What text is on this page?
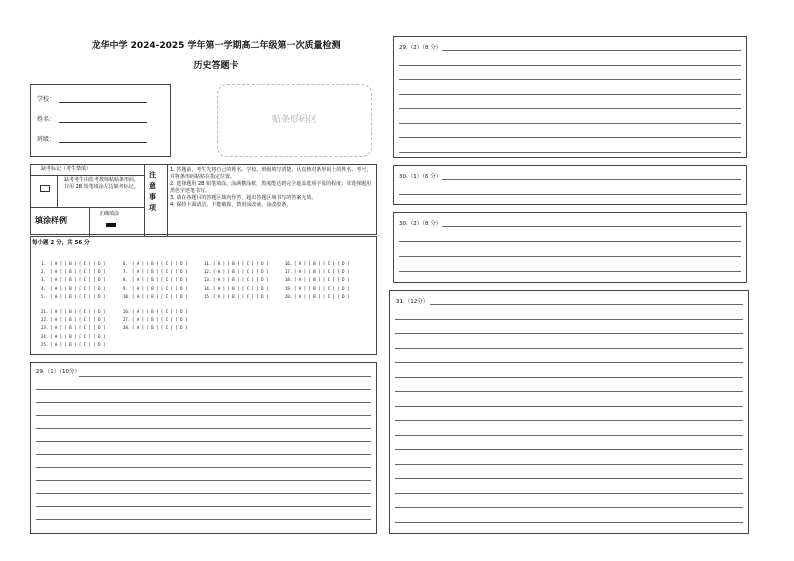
龙华中学 2024-2025 学年第一学期高二年级第一次质量检测
历史答题卡
学校：
姓名：
班级：
贴条形码区
缺考标记（考生禁填）
缺考考生由监考教师粘贴条形码，并用 2B 铅笔填涂左边缺考标记。
填涂样例
正确填涂
注意事项
1. 答题前，考生先将自己的姓名、学校、班级填写清楚，认真核对条形码上的姓名、考号，并将条形码粘贴在指定位置。
2. 选择题用 2B 铅笔填涂，涂满横涂框，黑度能达到完全遮盖选项字母的程度；非选择题用黑色字迹笔书写。
3. 请在各题目的答题区域内作答，超出答题区域书写的答案无效。
4. 保持卡面清洁，不能破损，禁用涂改液、涂改胶条。
每小题 2 分，共 56 分
1. [ A ] [ B ] [ C ] [ D ]
2. [ A ] [ B ] [ C ] [ D ]
3. [ A ] [ B ] [ C ] [ D ]
4. [ A ] [ B ] [ C ] [ D ]
5. [ A ] [ B ] [ C ] [ D ]
6. [ A ] [ B ] [ C ] [ D ]
7. [ A ] [ B ] [ C ] [ D ]
8. [ A ] [ B ] [ C ] [ D ]
9. [ A ] [ B ] [ C ] [ D ]
10. [ A ] [ B ] [ C ] [ D ]
11. [ A ] [ B ] [ C ] [ D ]
12. [ A ] [ B ] [ C ] [ D ]
13. [ A ] [ B ] [ C ] [ D ]
14. [ A ] [ B ] [ C ] [ D ]
15. [ A ] [ B ] [ C ] [ D ]
16. [ A ] [ B ] [ C ] [ D ]
17. [ A ] [ B ] [ C ] [ D ]
18. [ A ] [ B ] [ C ] [ D ]
19. [ A ] [ B ] [ C ] [ D ]
20. [ A ] [ B ] [ C ] [ D ]
21. [ A ] [ B ] [ C ] [ D ]
22. [ A ] [ B ] [ C ] [ D ]
23. [ A ] [ B ] [ C ] [ D ]
24. [ A ] [ B ] [ C ] [ D ]
25. [ A ] [ B ] [ C ] [ D ]
26. [ A ] [ B ] [ C ] [ D ]
27. [ A ] [ B ] [ C ] [ D ]
28. [ A ] [ B ] [ C ] [ D ]
29.（1）（10分）
29.（2）（8 分）
30.（1）（6 分）
30.（2）（8 分）
31.（12分）
